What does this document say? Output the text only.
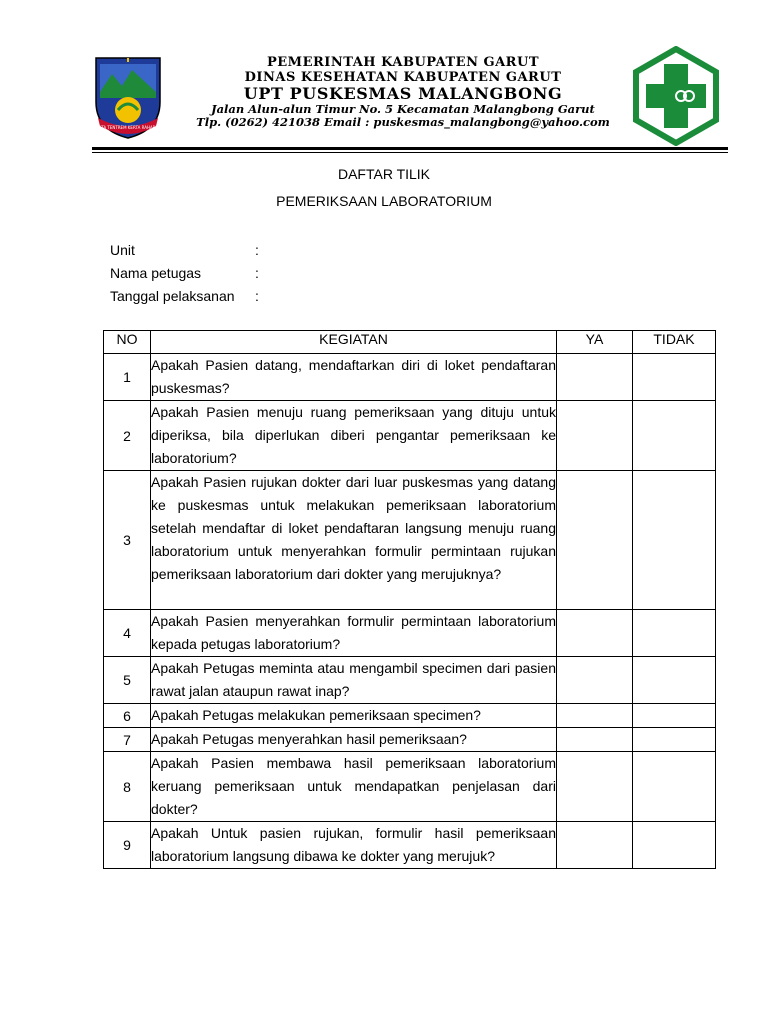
TATA TENTREM KERTA RAHARJA
PEMERINTAH KABUPATEN GARUT
DINAS KESEHATAN KABUPATEN GARUT
UPT PUSKESMAS MALANGBONG
Jalan Alun-alun Timur No. 5 Kecamatan Malangbong Garut
Tlp. (0262) 421038 Email : puskesmas_malangbong@yahoo.com
DAFTAR TILIK
PEMERIKSAAN LABORATORIUM
Unit	:
Nama petugas	:
Tanggal pelaksanan	:
NO	KEGIATAN	YA	TIDAK
1	Apakah Pasien datang, mendaftarkan diri di loket pendaftaran puskesmas?		
2	Apakah Pasien menuju ruang pemeriksaan yang dituju untuk diperiksa, bila diperlukan diberi pengantar pemeriksaan ke laboratorium?		
3	Apakah Pasien rujukan dokter dari luar puskesmas yang datang ke puskesmas untuk melakukan pemeriksaan laboratorium setelah mendaftar di loket pendaftaran langsung menuju ruang laboratorium untuk menyerahkan formulir permintaan rujukan pemeriksaan laboratorium dari dokter yang merujuknya?		
4	Apakah Pasien menyerahkan formulir permintaan laboratorium kepada petugas laboratorium?		
5	Apakah Petugas meminta atau mengambil specimen dari pasien rawat jalan ataupun rawat inap?		
6	Apakah Petugas melakukan pemeriksaan specimen?		
7	Apakah Petugas menyerahkan hasil pemeriksaan?		
8	Apakah Pasien membawa hasil pemeriksaan laboratorium keruang pemeriksaan untuk mendapatkan penjelasan dari dokter?		
9	Apakah Untuk pasien rujukan, formulir hasil pemeriksaan laboratorium langsung dibawa ke dokter yang merujuk?		
